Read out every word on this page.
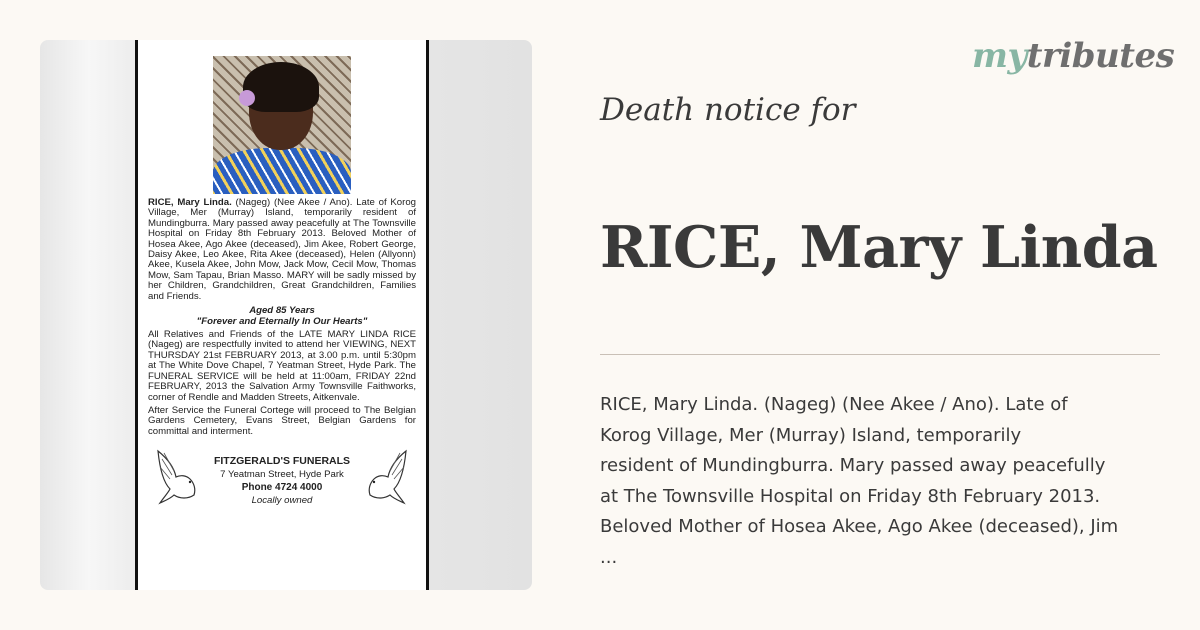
RICE, Mary Linda. (Nageg) (Nee Akee / Ano). Late of Korog Village, Mer (Murray) Island, temporarily resident of Mundingburra. Mary passed away peacefully at The Townsville Hospital on Friday 8th February 2013. Beloved Mother of Hosea Akee, Ago Akee (deceased), Jim Akee, Robert George, Daisy Akee, Leo Akee, Rita Akee (deceased), Helen (Allyonn) Akee, Kusela Akee, John Mow, Jack Mow, Cecil Mow, Thomas Mow, Sam Tapau, Brian Masso. MARY will be sadly missed by her Children, Grandchildren, Great Grandchildren, Families and Friends.

Aged 85 Years
"Forever and Eternally In Our Hearts"

All Relatives and Friends of the LATE MARY LINDA RICE (Nageg) are respectfully invited to attend her VIEWING, NEXT THURSDAY 21st FEBRUARY 2013, at 3.00 p.m. until 5:30pm at The White Dove Chapel, 7 Yeatman Street, Hyde Park. The FUNERAL SERVICE will be held at 11:00am, FRIDAY 22nd FEBRUARY, 2013 the Salvation Army Townsville Faithworks, corner of Rendle and Madden Streets, Aitkenvale.

After Service the Funeral Cortege will proceed to The Belgian Gardens Cemetery, Evans Street, Belgian Gardens for committal and interment.

FITZGERALD'S FUNERALS
7 Yeatman Street, Hyde Park
Phone 4724 4000
Locally owned
mytributes
Death notice for
RICE, Mary Linda
RICE, Mary Linda. (Nageg) (Nee Akee / Ano). Late of
Korog Village, Mer (Murray) Island, temporarily
resident of Mundingburra. Mary passed away peacefully
at The Townsville Hospital on Friday 8th February 2013.
Beloved Mother of Hosea Akee, Ago Akee (deceased), Jim
...
